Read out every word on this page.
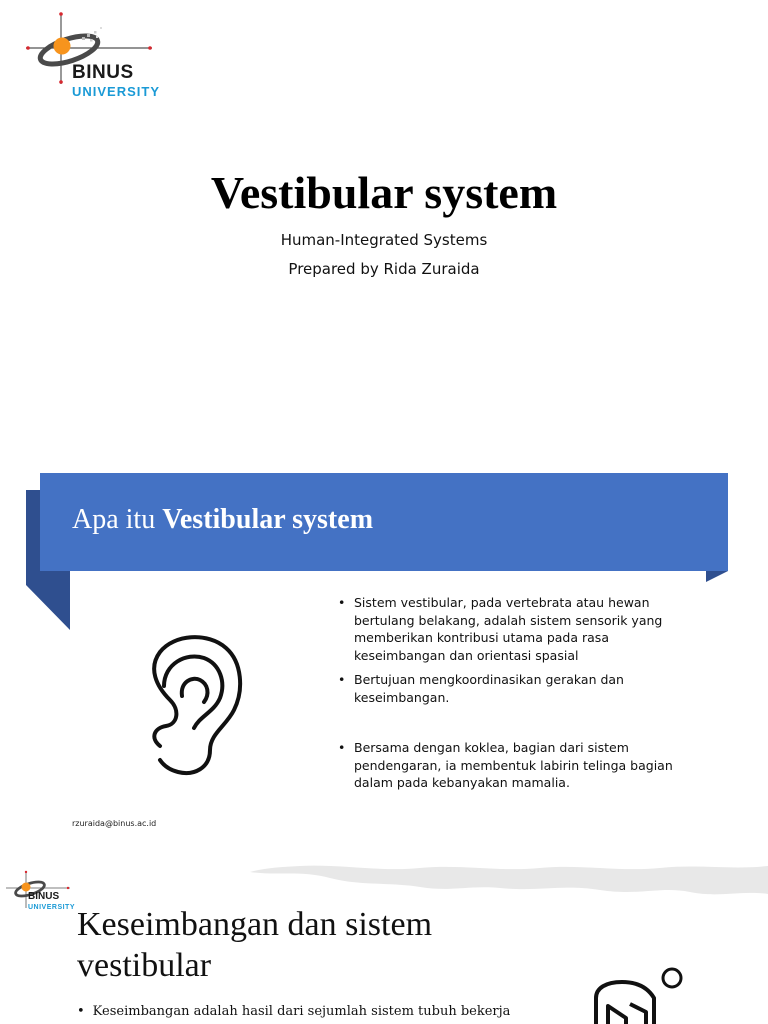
BINUS
UNIVERSITY
Vestibular system
Human-Integrated Systems
Prepared by Rida Zuraida
Apa itu Vestibular system
• Sistem vestibular, pada vertebrata atau hewan bertulang belakang, adalah sistem sensorik yang memberikan kontribusi utama pada rasa keseimbangan dan orientasi spasial
• Bertujuan mengkoordinasikan gerakan dan keseimbangan.
• Bersama dengan koklea, bagian dari sistem pendengaran, ia membentuk labirin telinga bagian dalam pada kebanyakan mamalia.
rzuraida@binus.ac.id
BINUS
UNIVERSITY Keseimbangan dan sistem vestibular
• Keseimbangan adalah hasil dari sejumlah sistem tubuh bekerja
